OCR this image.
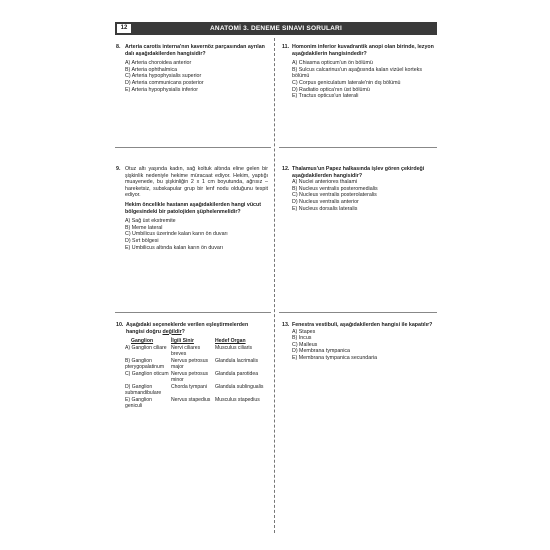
12	ANATOMİ 3. DENEME SINAVI SORULARI
8. Arteria carotis interna'nın kavernöz parçasından ayrılan dalı aşağıdakilerden hangisidir?
A) Arteria choroidea anterior
B) Arteria ophthalmica
C) Arteria hypophysialis superior
D) Arteria communicans posterior
E) Arteria hypophysialis inferior
9. Otuz altı yaşında kadın, sağ koltuk altında eline gelen bir şişkinlik nedeniyle hekime müracaat ediyor. Hekim, yaptığı muayenede, bu şişkinliğin 2 x 1 cm boyutunda, ağrısız – hareketsiz, subskapular grup bir lenf nodu olduğunu tespit ediyor.
Hekim öncelikle hastanın aşağıdakilerden hangi vücut bölgesindeki bir patolojiden şüphelenmelidir?
A) Sağ üst ekstremite
B) Meme lateral
C) Umbilicus üzerinde kalan karın ön duvarı
D) Sırt bölgesi
E) Umbilicus altında kalan karın ön duvarı
10. Aşağıdaki seçeneklerde verilen eşleştirmelerden hangisi doğru değildir?
Ganglion	İlgili Sinir	Hedef Organ
A) Ganglion ciliare	Nervi ciliares breves	Musculus ciliaris
B) Ganglion pterygopalatinum	Nervus petrosus major	Glandula lacrimalis
C) Ganglion oticum	Nervus petrosus minor	Glandula parotidea
D) Ganglion submandibulare	Chorda tympani	Glandula sublingualis
E) Ganglion geniculi	Nervus stapedius	Musculus stapedius
11. Homonim inferior kuvadrantik anopi olan birinde, lezyon aşağıdakilerin hangisindedir?
A) Chiasma opticum'un ön bölümü
B) Sulcus calcarinus'un aşağısında kalan vizüel korteks bölümü
C) Corpus geniculatum laterale'nin dış bölümü
D) Radiatio optica'nın üst bölümü
E) Tractus opticus'un laterali
12. Thalamus'un Papez halkasında işlev gören çekirdeği aşağıdakilerden hangisidir?
A) Nuclei anteriores thalami
B) Nucleus ventralis posteromedialis
C) Nucleus ventralis posterolateralis
D) Nucleus ventralis anterior
E) Nucleus dorsalis lateralis
13. Fenestra vestibuli, aşağıdakilerden hangisi ile kapatılır?
A) Stapes
B) Incus
C) Malleus
D) Membrana tympanica
E) Membrana tympanica secundaria
